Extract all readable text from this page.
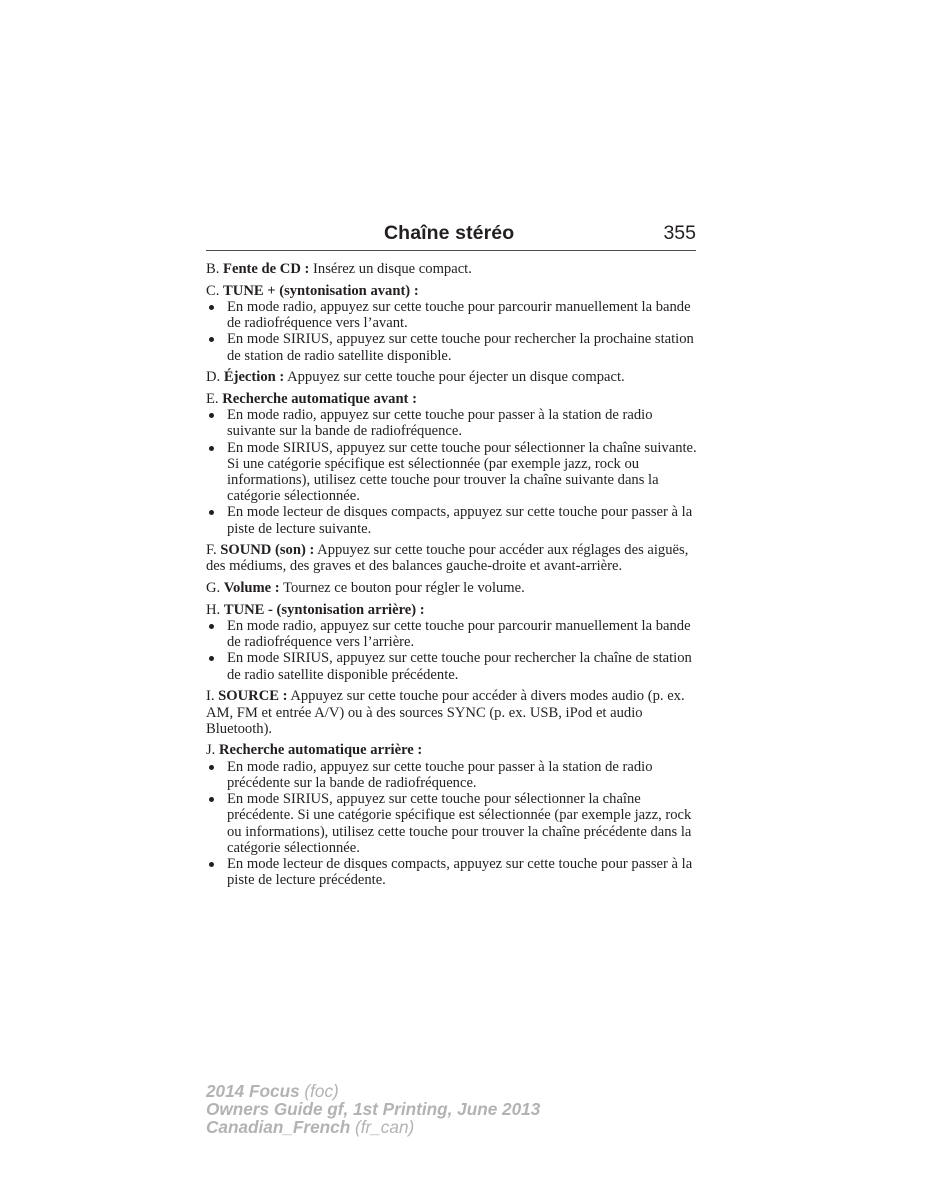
Chaîne stéréo	355

B. Fente de CD : Insérez un disque compact.

C. TUNE + (syntonisation avant) :

En mode radio, appuyez sur cette touche pour parcourir manuellement la bande de radiofréquence vers l’avant.
En mode SIRIUS, appuyez sur cette touche pour rechercher la prochaine station de station de radio satellite disponible.

D. Éjection : Appuyez sur cette touche pour éjecter un disque compact.

E. Recherche automatique avant :

En mode radio, appuyez sur cette touche pour passer à la station de radio suivante sur la bande de radiofréquence.
En mode SIRIUS, appuyez sur cette touche pour sélectionner la chaîne suivante. Si une catégorie spécifique est sélectionnée (par exemple jazz, rock ou informations), utilisez cette touche pour trouver la chaîne suivante dans la catégorie sélectionnée.
En mode lecteur de disques compacts, appuyez sur cette touche pour passer à la piste de lecture suivante.

F. SOUND (son) : Appuyez sur cette touche pour accéder aux réglages des aiguës, des médiums, des graves et des balances gauche-droite et avant-arrière.

G. Volume : Tournez ce bouton pour régler le volume.

H. TUNE - (syntonisation arrière) :

En mode radio, appuyez sur cette touche pour parcourir manuellement la bande de radiofréquence vers l’arrière.
En mode SIRIUS, appuyez sur cette touche pour rechercher la chaîne de station de radio satellite disponible précédente.

I. SOURCE : Appuyez sur cette touche pour accéder à divers modes audio (p. ex. AM, FM et entrée A/V) ou à des sources SYNC (p. ex. USB, iPod et audio Bluetooth).

J. Recherche automatique arrière :

En mode radio, appuyez sur cette touche pour passer à la station de radio précédente sur la bande de radiofréquence.
En mode SIRIUS, appuyez sur cette touche pour sélectionner la chaîne précédente. Si une catégorie spécifique est sélectionnée (par exemple jazz, rock ou informations), utilisez cette touche pour trouver la chaîne précédente dans la catégorie sélectionnée.
En mode lecteur de disques compacts, appuyez sur cette touche pour passer à la piste de lecture précédente.
2014 Focus (foc)
Owners Guide gf, 1st Printing, June 2013
Canadian_French (fr_can)
